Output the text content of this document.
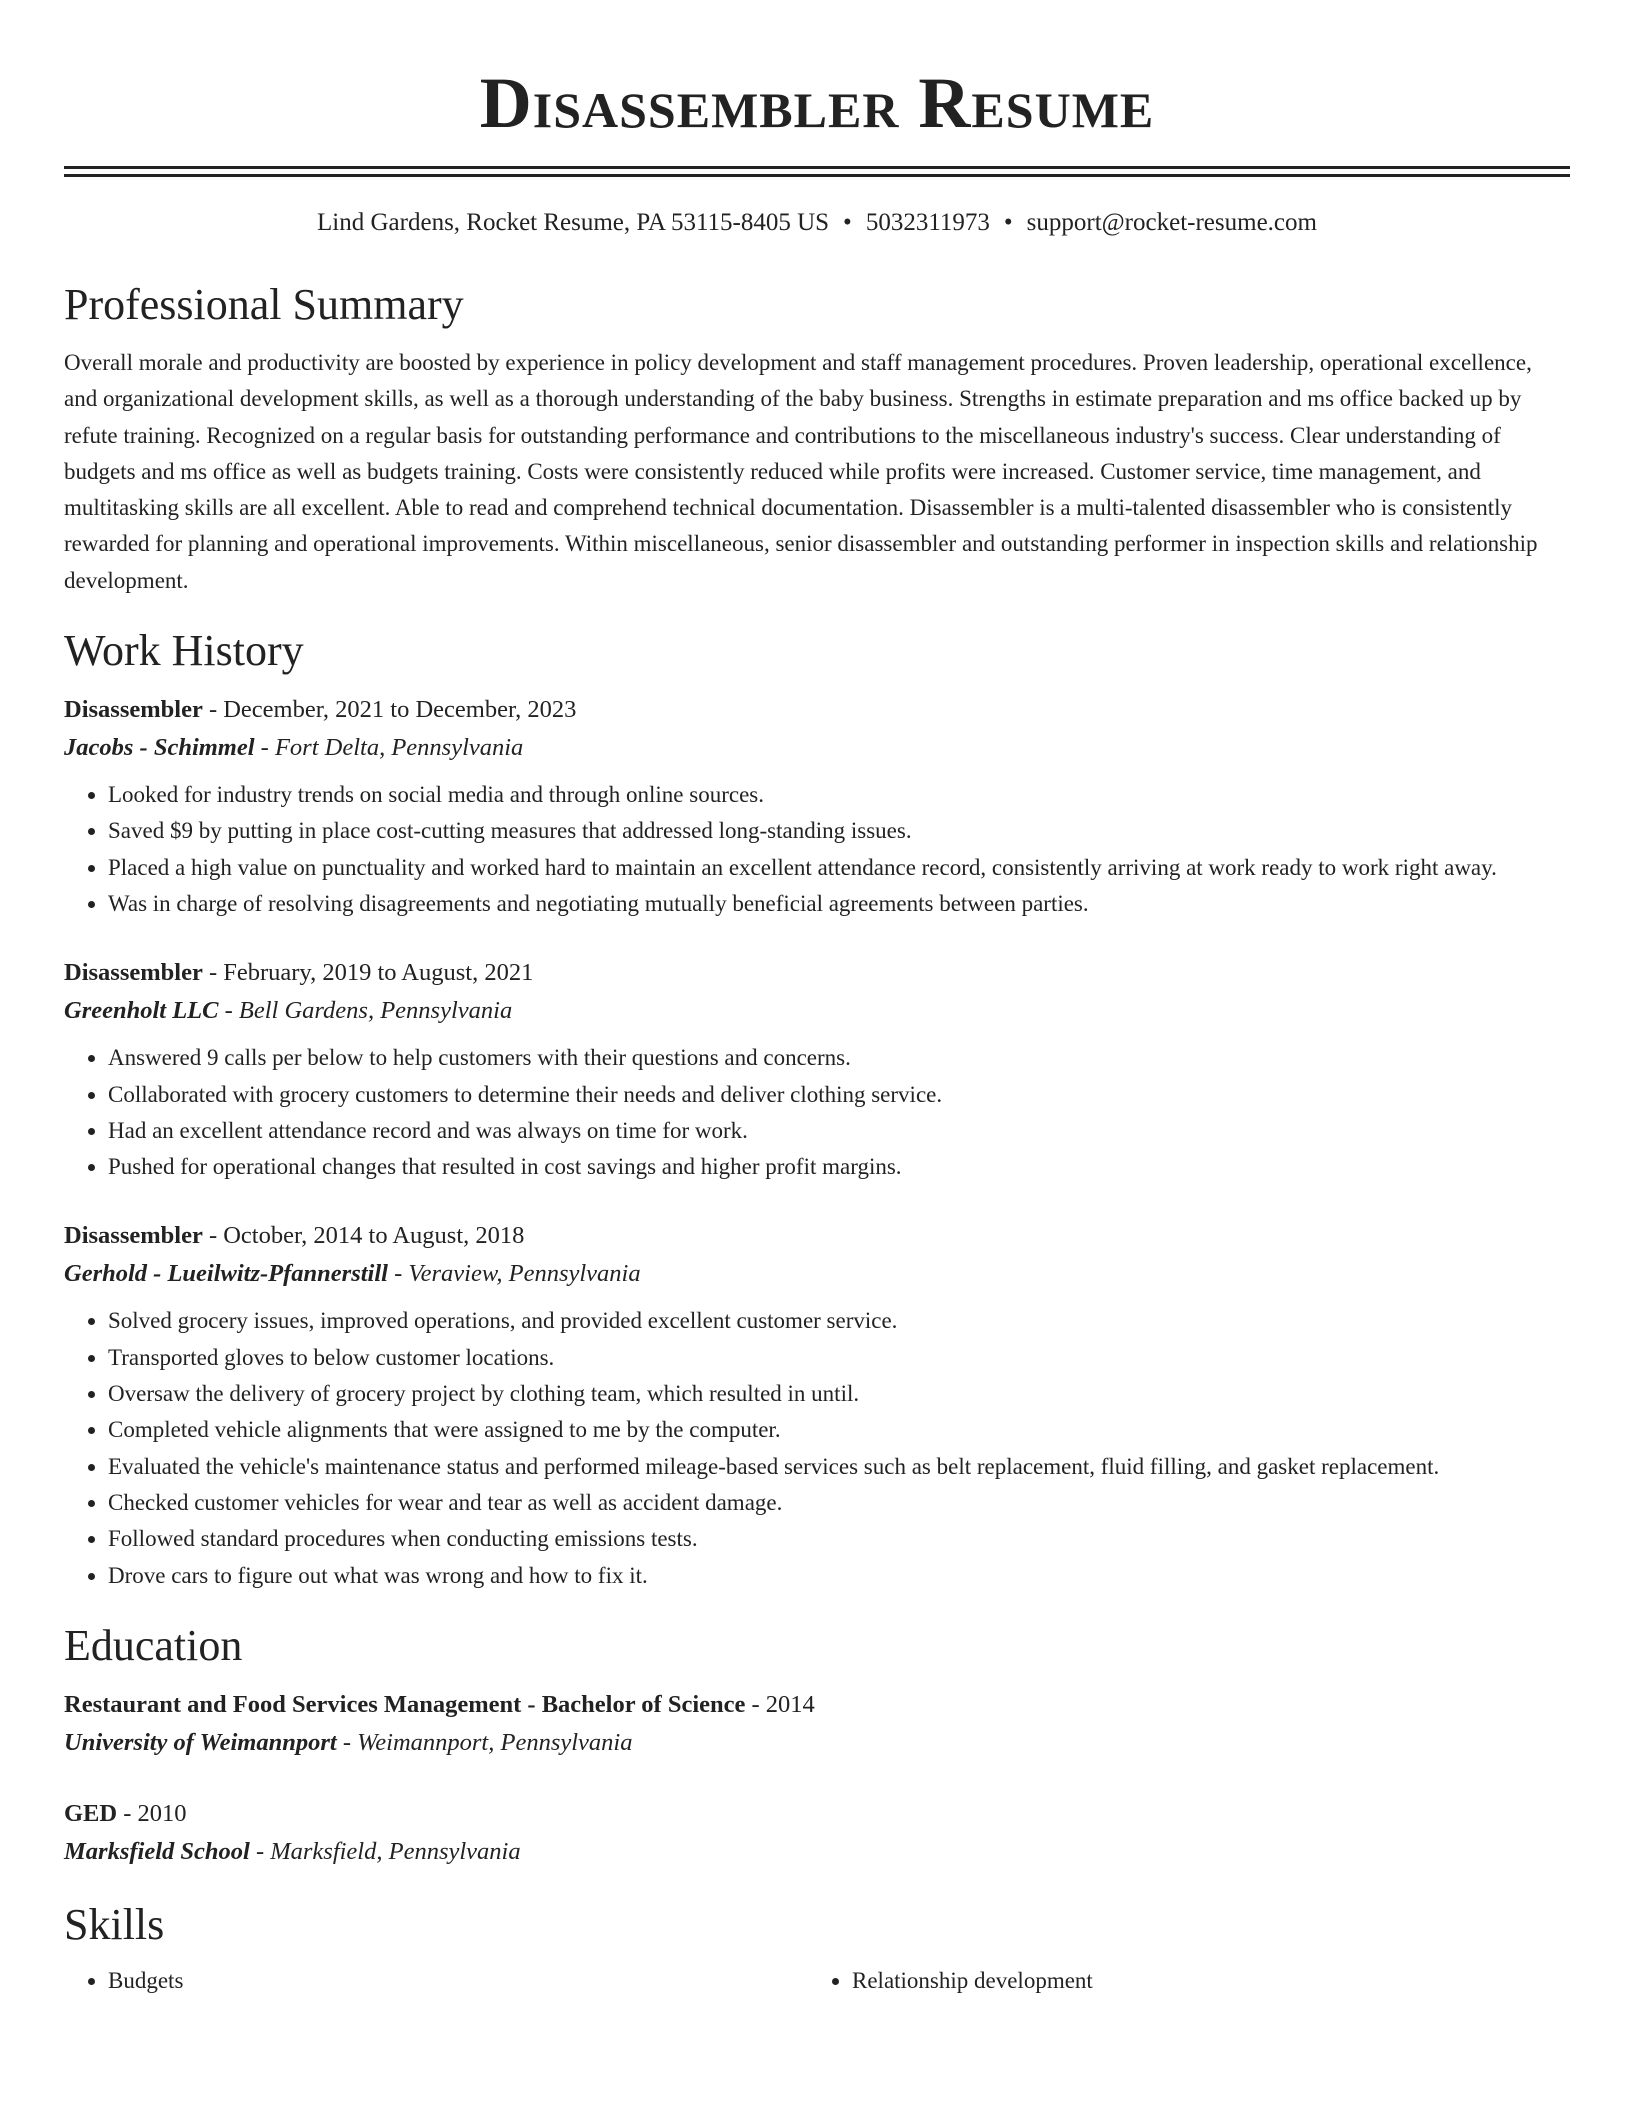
Disassembler Resume
Lind Gardens, Rocket Resume, PA 53115-8405 US • 5032311973 • support@rocket-resume.com
Professional Summary

Overall morale and productivity are boosted by experience in policy development and staff management procedures. Proven leadership, operational excellence, and organizational development skills, as well as a thorough understanding of the baby business. Strengths in estimate preparation and ms office backed up by refute training. Recognized on a regular basis for outstanding performance and contributions to the miscellaneous industry's success. Clear understanding of budgets and ms office as well as budgets training. Costs were consistently reduced while profits were increased. Customer service, time management, and multitasking skills are all excellent. Able to read and comprehend technical documentation. Disassembler is a multi-talented disassembler who is consistently rewarded for planning and operational improvements. Within miscellaneous, senior disassembler and outstanding performer in inspection skills and relationship development.

Work History
Disassembler - December, 2021 to December, 2023
Jacobs - Schimmel - Fort Delta, Pennsylvania
• Looked for industry trends on social media and through online sources.
• Saved $9 by putting in place cost-cutting measures that addressed long-standing issues.
• Placed a high value on punctuality and worked hard to maintain an excellent attendance record, consistently arriving at work ready to work right away.
• Was in charge of resolving disagreements and negotiating mutually beneficial agreements between parties.
Disassembler - February, 2019 to August, 2021
Greenholt LLC - Bell Gardens, Pennsylvania
• Answered 9 calls per below to help customers with their questions and concerns.
• Collaborated with grocery customers to determine their needs and deliver clothing service.
• Had an excellent attendance record and was always on time for work.
• Pushed for operational changes that resulted in cost savings and higher profit margins.
Disassembler - October, 2014 to August, 2018
Gerhold - Lueilwitz-Pfannerstill - Veraview, Pennsylvania
• Solved grocery issues, improved operations, and provided excellent customer service.
• Transported gloves to below customer locations.
• Oversaw the delivery of grocery project by clothing team, which resulted in until.
• Completed vehicle alignments that were assigned to me by the computer.
• Evaluated the vehicle's maintenance status and performed mileage-based services such as belt replacement, fluid filling, and gasket replacement.
• Checked customer vehicles for wear and tear as well as accident damage.
• Followed standard procedures when conducting emissions tests.
• Drove cars to figure out what was wrong and how to fix it.
Education
Restaurant and Food Services Management - Bachelor of Science - 2014
University of Weimannport - Weimannport, Pennsylvania
GED - 2010
Marksfield School - Marksfield, Pennsylvania
Skills
• Budgets
•	Relationship development
